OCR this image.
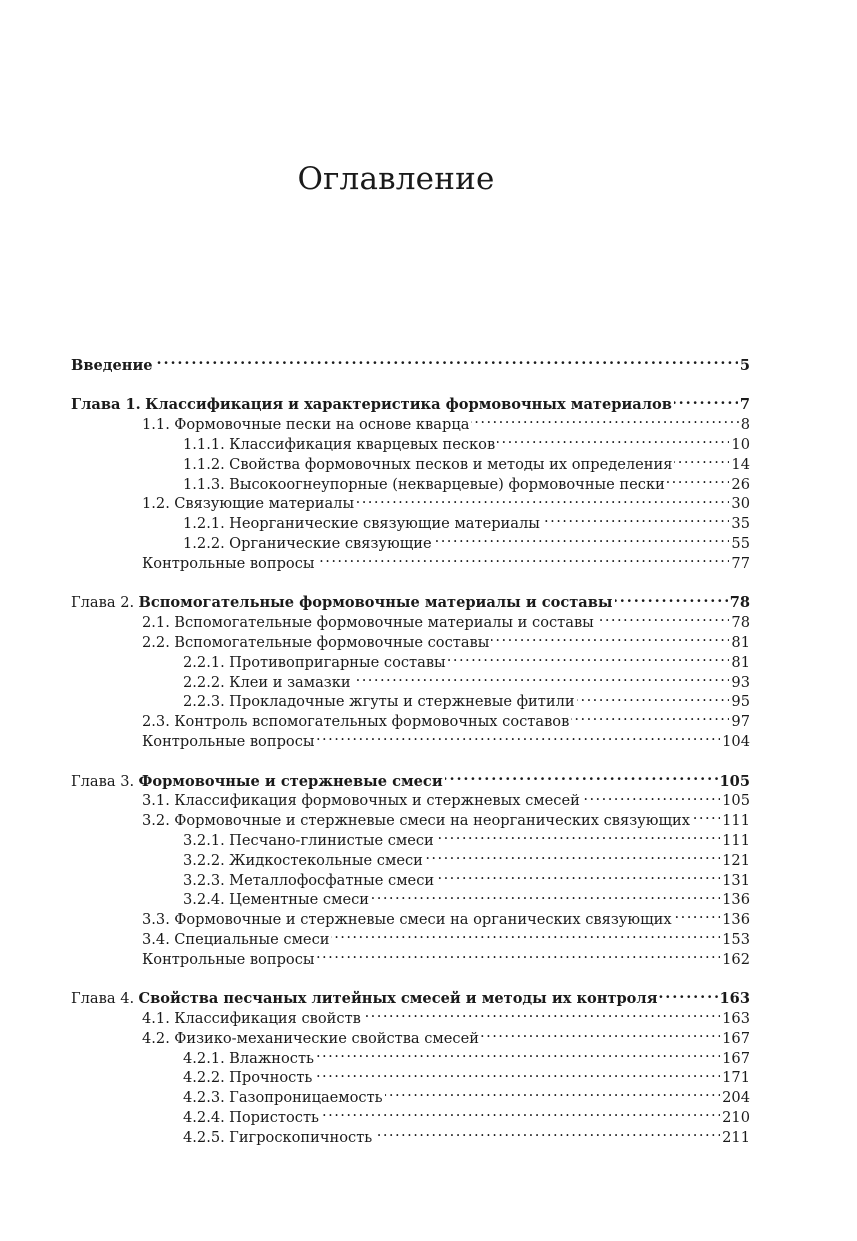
Оглавление
Введение . . .	5
Глава 1. Классификация и характеристика формовочных материалов . . .	7
1.1. Формовочные пески на основе кварца . . .	8
1.1.1. Классификация кварцевых песков . . .	10
1.1.2. Свойства формовочных песков и методы их определения . . .	14
1.1.3. Высокоогнеупорные (некварцевые) формовочные пески . . .	26
1.2. Связующие материалы . . .	30
1.2.1. Неорганические связующие материалы . . .	35
1.2.2. Органические связующие . . .	55
Контрольные вопросы . . .	77
Глава 2. Вспомогательные формовочные материалы и составы . . .	78
2.1. Вспомогательные формовочные материалы и составы . . .	78
2.2. Вспомогательные формовочные составы . . .	81
2.2.1. Противопригарные составы . . .	81
2.2.2. Клеи и замазки . . .	93
2.2.3. Прокладочные жгуты и стержневые фитили . . .	95
2.3. Контроль вспомогательных формовочных составов . . .	97
Контрольные вопросы . . .	104
Глава 3. Формовочные и стержневые смеси . . .	105
3.1. Классификация формовочных и стержневых смесей . . .	105
3.2. Формовочные и стержневые смеси на неорганических связующих . . . 111
3.2.1. Песчано-глинистые смеси . . .	111
3.2.2. Жидкостекольные смеси . . .	121
3.2.3. Металлофосфатные смеси . . .	131
3.2.4. Цементные смеси . . .	136
3.3. Формовочные и стержневые смеси на органических связующих . . .	136
3.4. Специальные смеси . . .	153
Контрольные вопросы . . .	162
Глава 4. Свойства песчаных литейных смесей и методы их контроля . . .	163
4.1. Классификация свойств . . .	163
4.2. Физико-механические свойства смесей . . .	167
4.2.1. Влажность . . .	167
4.2.2. Прочность . . .	171
4.2.3. Газопроницаемость . . .	204
4.2.4. Пористость . . .	210
4.2.5. Гигроскопичность . . .	211
